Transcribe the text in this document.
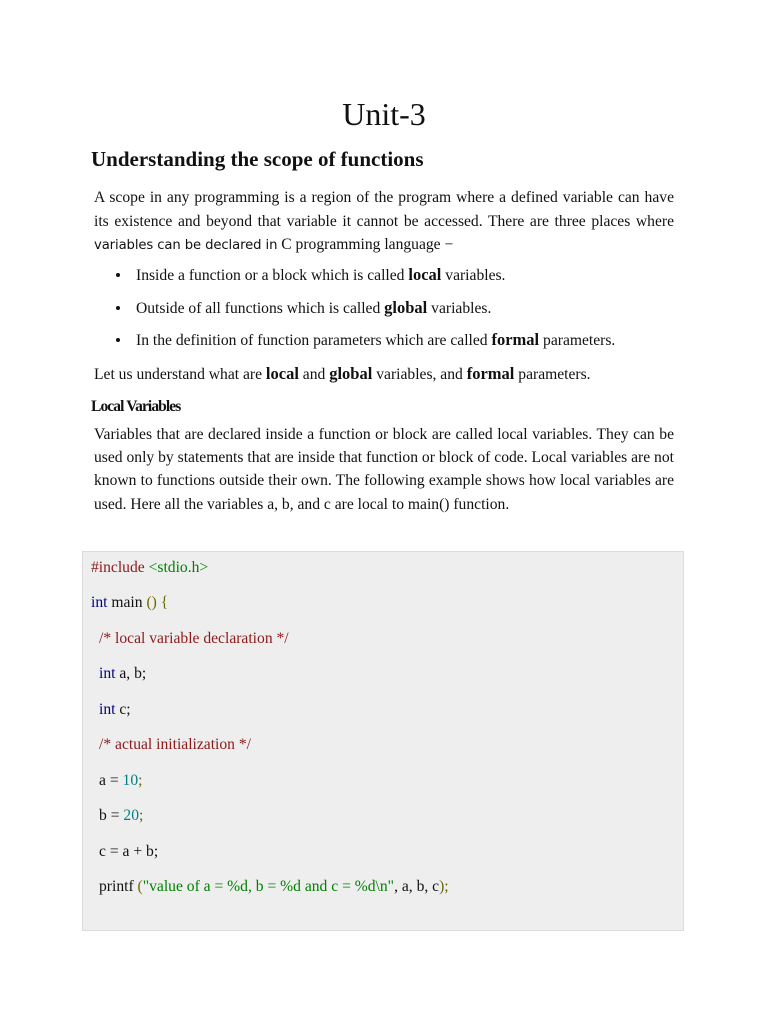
Unit-3
Understanding the scope of functions

A scope in any programming is a region of the program where a defined variable can have its existence and beyond that variable it cannot be accessed. There are three places where variables can be declared in C programming language −

Inside a function or a block which is called local variables.
Outside of all functions which is called global variables.
In the definition of function parameters which are called formal parameters.

Let us understand what are local and global variables, and formal parameters.

Local Variables

Variables that are declared inside a function or block are called local variables. They can be used only by statements that are inside that function or block of code. Local variables are not known to functions outside their own. The following example shows how local variables are used. Here all the variables a, b, and c are local to main() function.

#include <stdio.h>
int main () {
/* local variable declaration */
int a, b;
int c;
/* actual initialization */
a = 10;
b = 20;
c = a + b;
printf ("value of a = %d, b = %d and c = %d\n", a, b, c);
